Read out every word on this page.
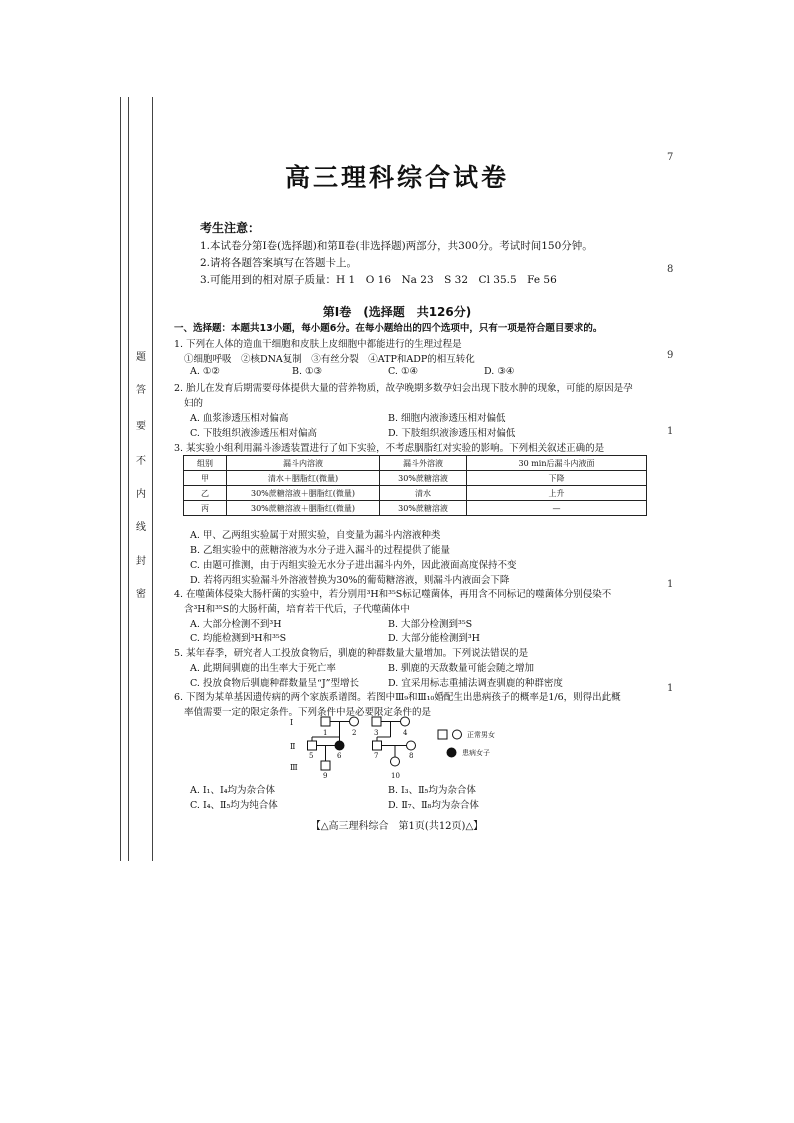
题
答
要
不
内
线
封
密
7
8
9
1
1
1
高三理科综合试卷
考生注意：
1.本试卷分第Ⅰ卷(选择题)和第Ⅱ卷(非选择题)两部分，共300分。考试时间150分钟。
2.请将各题答案填写在答题卡上。
3.可能用到的相对原子质量：H 1　O 16　Na 23　S 32　Cl 35.5　Fe 56
第Ⅰ卷　(选择题　共126分)
一、选择题：本题共13小题，每小题6分。在每小题给出的四个选项中，只有一项是符合题目要求的。
1. 下列在人体的造血干细胞和皮肤上皮细胞中都能进行的生理过程是
①细胞呼吸　②核DNA复制　③有丝分裂　④ATP和ADP的相互转化
A. ①②	B. ①③	C. ①④	D. ③④
2. 胎儿在发育后期需要母体提供大量的营养物质，故孕晚期多数孕妇会出现下肢水肿的现象，可能的原因是孕
妇的
A. 血浆渗透压相对偏高	B. 细胞内液渗透压相对偏低
C. 下肢组织液渗透压相对偏高	D. 下肢组织液渗透压相对偏低
3. 某实验小组利用漏斗渗透装置进行了如下实验，不考虑胭脂红对实验的影响。下列相关叙述正确的是
组别	漏斗内溶液	漏斗外溶液	30 min后漏斗内液面
甲	清水＋胭脂红(微量)	30%蔗糖溶液	下降
乙	30%蔗糖溶液＋胭脂红(微量)	清水	上升
丙	30%蔗糖溶液＋胭脂红(微量)	30%蔗糖溶液	—
A. 甲、乙两组实验属于对照实验，自变量为漏斗内溶液种类
B. 乙组实验中的蔗糖溶液为水分子进入漏斗的过程提供了能量
C. 由题可推测，由于丙组实验无水分子进出漏斗内外，因此液面高度保持不变
D. 若将丙组实验漏斗外溶液替换为30%的葡萄糖溶液，则漏斗内液面会下降
4. 在噬菌体侵染大肠杆菌的实验中，若分别用³H和³⁵S标记噬菌体，再用含不同标记的噬菌体分别侵染不
含³H和³⁵S的大肠杆菌，培育若干代后，子代噬菌体中
A. 大部分检测不到³H	B. 大部分检测到³⁵S
C. 均能检测到³H和³⁵S	D. 大部分能检测到³H
5. 某年春季，研究者人工投放食物后，驯鹿的种群数量大量增加。下列说法错误的是
A. 此期间驯鹿的出生率大于死亡率	B. 驯鹿的天敌数量可能会随之增加
C. 投放食物后驯鹿种群数量呈“J”型增长	D. 宜采用标志重捕法调查驯鹿的种群密度
6. 下图为某单基因遗传病的两个家族系谱图。若图中Ⅲ₉和Ⅲ₁₀婚配生出患病孩子的概率是1/6，则得出此概
率值需要一定的限定条件。下列条件中是必要限定条件的是
Ⅰ
Ⅱ
Ⅲ
1	2	3	4
5	6	7	8
9	10
正常男女
患病女子
A. Ⅰ₁、Ⅰ₄均为杂合体	B. Ⅰ₃、Ⅱ₅均为杂合体
C. Ⅰ₄、Ⅱ₅均为纯合体	D. Ⅱ₇、Ⅱ₈均为杂合体
【△高三理科综合　第1页(共12页)△】
